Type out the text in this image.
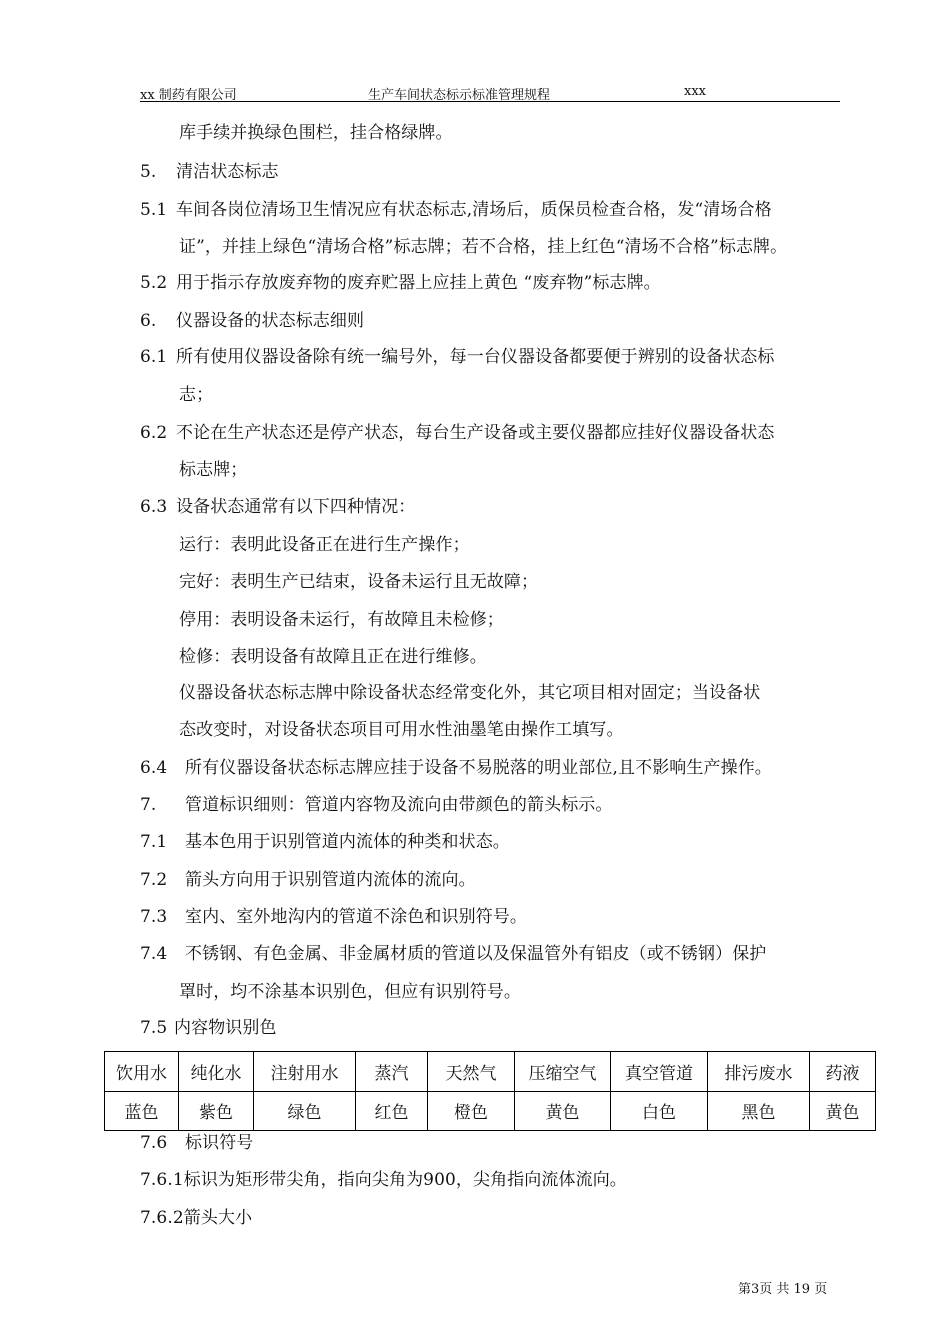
xx 制药有限公司	生产车间状态标示标准管理规程	xxx
库手续并换绿色围栏，挂合格绿牌。
5. 清洁状态标志
5.1 车间各岗位清场卫生情况应有状态标志,清场后，质保员检查合格，发“清场合格
证”，并挂上绿色“清场合格”标志牌；若不合格，挂上红色“清场不合格”标志牌。
5.2 用于指示存放废弃物的废弃贮器上应挂上黄色 “废弃物”标志牌。
6. 仪器设备的状态标志细则
6.1 所有使用仪器设备除有统一编号外，每一台仪器设备都要便于辨别的设备状态标
志；
6.2 不论在生产状态还是停产状态，每台生产设备或主要仪器都应挂好仪器设备状态
标志牌；
6.3 设备状态通常有以下四种情况：
运行：表明此设备正在进行生产操作；
完好：表明生产已结束，设备未运行且无故障；
停用：表明设备未运行，有故障且未检修；
检修：表明设备有故障且正在进行维修。
仪器设备状态标志牌中除设备状态经常变化外，其它项目相对固定；当设备状
态改变时，对设备状态项目可用水性油墨笔由操作工填写。
6.4 所有仪器设备状态标志牌应挂于设备不易脱落的明业部位,且不影响生产操作。
7. 管道标识细则：管道内容物及流向由带颜色的箭头标示。
7.1 基本色用于识别管道内流体的种类和状态。
7.2 箭头方向用于识别管道内流体的流向。
7.3 室内、室外地沟内的管道不涂色和识别符号。
7.4 不锈钢、有色金属、非金属材质的管道以及保温管外有铝皮（或不锈钢）保护
罩时，均不涂基本识别色，但应有识别符号。
7.5 内容物识别色
饮用水	纯化水	注射用水	蒸汽	天然气	压缩空气	真空管道	排污废水	药液
蓝色	紫色	绿色	红色	橙色	黄色	白色	黑色	黄色
7.6 标识符号
7.6.1标识为矩形带尖角，指向尖角为900，尖角指向流体流向。
7.6.2箭头大小
第3页 共 19 页
